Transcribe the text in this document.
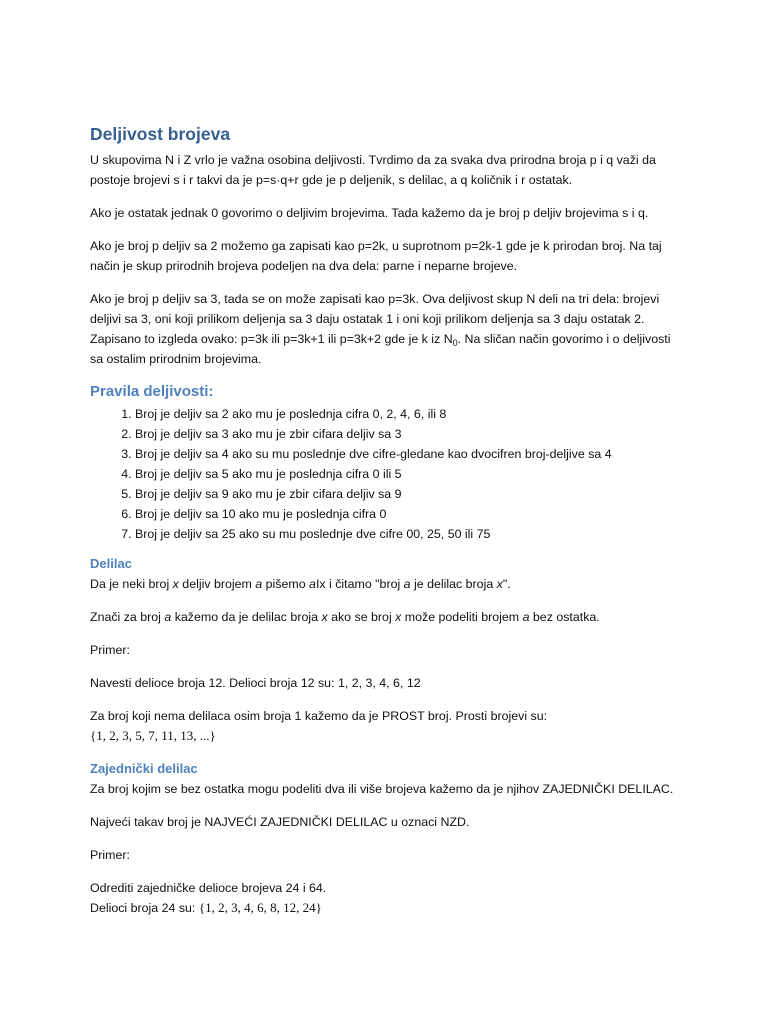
Deljivost brojeva

U skupovima N i Z vrlo je važna osobina deljivosti. Tvrdimo da za svaka dva prirodna broja p i q važi da
postoje brojevi s i r takvi da je p=s·q+r gde je p deljenik, s delilac, a q količnik i r ostatak.

Ako je ostatak jednak 0 govorimo o deljivim brojevima. Tada kažemo da je broj p deljiv brojevima s i q.

Ako je broj p deljiv sa 2 možemo ga zapisati kao p=2k, u suprotnom p=2k-1 gde je k prirodan broj. Na taj
način je skup prirodnih brojeva podeljen na dva dela: parne i neparne brojeve.

Ako je broj p deljiv sa 3, tada se on može zapisati kao p=3k. Ova deljivost skup N deli na tri dela: brojevi
deljivi sa 3, oni koji prilikom deljenja sa 3 daju ostatak 1 i oni koji prilikom deljenja sa 3 daju ostatak 2.
Zapisano to izgleda ovako: p=3k ili p=3k+1 ili p=3k+2 gde je k iz $N_0$. Na sličan način govorimo i o deljivosti
sa ostalim prirodnim brojevima.

Pravila deljivosti:
1. Broj je deljiv sa 2 ako mu je poslednja cifra 0, 2, 4, 6, ili 8
2. Broj je deljiv sa 3 ako mu je zbir cifara deljiv sa 3
3. Broj je deljiv sa 4 ako su mu poslednje dve cifre-gledane kao dvocifren broj-deljive sa 4
4. Broj je deljiv sa 5 ako mu je poslednja cifra 0 ili 5
5. Broj je deljiv sa 9 ako mu je zbir cifara deljiv sa 9
6. Broj je deljiv sa 10 ako mu je poslednja cifra 0
7. Broj je deljiv sa 25 ako su mu poslednje dve cifre 00, 25, 50 ili 75
Delilac

Da je neki broj x deljiv brojem a pišemo aIx i čitamo "broj a je delilac broja x".

Znači za broj a kažemo da je delilac broja x ako se broj x može podeliti brojem a bez ostatka.

Primer:

Navesti delioce broja 12. Delioci broja 12 su: 1, 2, 3, 4, 6, 12

Za broj koji nema delilaca osim broja 1 kažemo da je PROST broj. Prosti brojevi su:

{1, 2, 3, 5, 7, 11, 13, ...}

Zajednički delilac

Za broj kojim se bez ostatka mogu podeliti dva ili više brojeva kažemo da je njihov ZAJEDNIČKI DELILAC.

Najveći takav broj je NAJVEĆI ZAJEDNIČKI DELILAC u oznaci NZD.

Primer:

Odrediti zajedničke delioce brojeva 24 i 64.

Delioci broja 24 su: {1, 2, 3, 4, 6, 8, 12, 24}
